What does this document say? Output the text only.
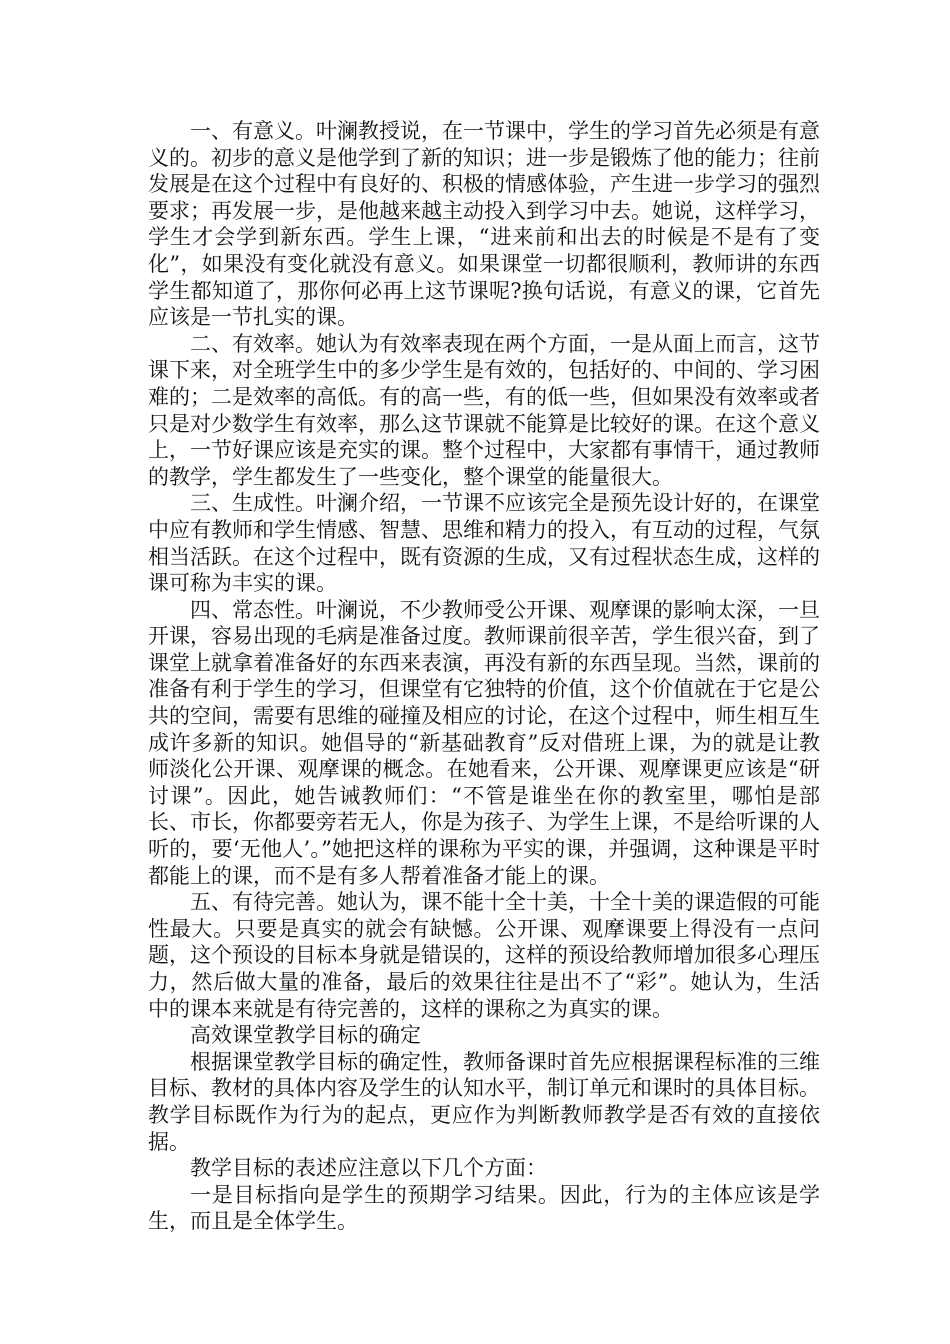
一、有意义。叶澜教授说，在一节课中，学生的学习首先必须是有意义的。初步的意义是他学到了新的知识；进一步是锻炼了他的能力；往前发展是在这个过程中有良好的、积极的情感体验，产生进一步学习的强烈要求；再发展一步，是他越来越主动投入到学习中去。她说，这样学习，学生才会学到新东西。学生上课，“进来前和出去的时候是不是有了变化”，如果没有变化就没有意义。如果课堂一切都很顺利，教师讲的东西学生都知道了，那你何必再上这节课呢?换句话说，有意义的课，它首先应该是一节扎实的课。

二、有效率。她认为有效率表现在两个方面，一是从面上而言，这节课下来，对全班学生中的多少学生是有效的，包括好的、中间的、学习困难的；二是效率的高低。有的高一些，有的低一些，但如果没有效率或者只是对少数学生有效率，那么这节课就不能算是比较好的课。在这个意义上，一节好课应该是充实的课。整个过程中，大家都有事情干，通过教师的教学，学生都发生了一些变化，整个课堂的能量很大。

三、生成性。叶澜介绍，一节课不应该完全是预先设计好的，在课堂中应有教师和学生情感、智慧、思维和精力的投入，有互动的过程，气氛相当活跃。在这个过程中，既有资源的生成，又有过程状态生成，这样的课可称为丰实的课。

四、常态性。叶澜说，不少教师受公开课、观摩课的影响太深，一旦开课，容易出现的毛病是准备过度。教师课前很辛苦，学生很兴奋，到了课堂上就拿着准备好的东西来表演，再没有新的东西呈现。当然，课前的准备有利于学生的学习，但课堂有它独特的价值，这个价值就在于它是公共的空间，需要有思维的碰撞及相应的讨论，在这个过程中，师生相互生成许多新的知识。她倡导的“新基础教育”反对借班上课，为的就是让教师淡化公开课、观摩课的概念。在她看来，公开课、观摩课更应该是“研讨课”。因此，她告诫教师们：“不管是谁坐在你的教室里，哪怕是部长、市长，你都要旁若无人，你是为孩子、为学生上课，不是给听课的人听的，要‘无他人’。”她把这样的课称为平实的课，并强调，这种课是平时都能上的课，而不是有多人帮着准备才能上的课。

五、有待完善。她认为，课不能十全十美，十全十美的课造假的可能性最大。只要是真实的就会有缺憾。公开课、观摩课要上得没有一点问题，这个预设的目标本身就是错误的，这样的预设给教师增加很多心理压力，然后做大量的准备，最后的效果往往是出不了“彩”。她认为，生活中的课本来就是有待完善的，这样的课称之为真实的课。

高效课堂教学目标的确定

根据课堂教学目标的确定性，教师备课时首先应根据课程标准的三维目标、教材的具体内容及学生的认知水平，制订单元和课时的具体目标。教学目标既作为行为的起点，更应作为判断教师教学是否有效的直接依据。

教学目标的表述应注意以下几个方面：

一是目标指向是学生的预期学习结果。因此，行为的主体应该是学生，而且是全体学生。
